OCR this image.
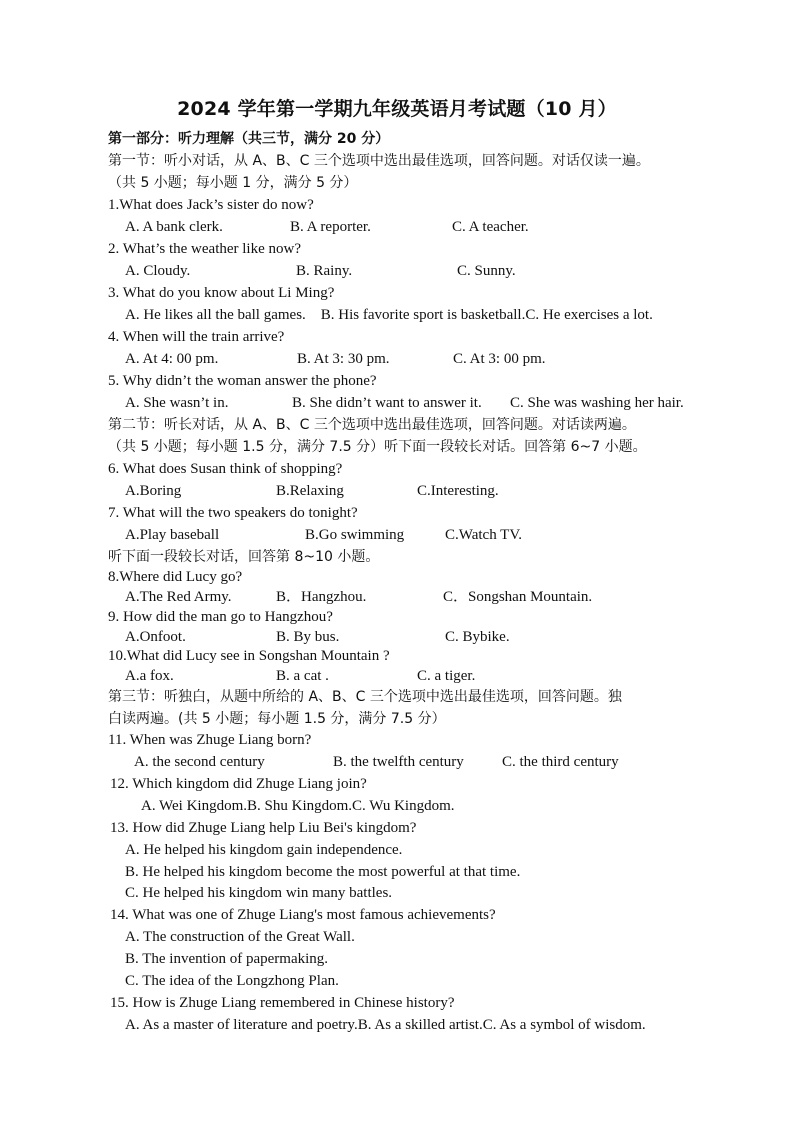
2024 学年第一学期九年级英语月考试题（10 月）
第一部分：听力理解（共三节，满分 20 分）
第一节：听小对话，从 A、B、C 三个选项中选出最佳选项，回答问题。对话仅读一遍。
（共 5 小题；每小题 1 分，满分 5 分）
1.What does Jack’s sister do now?
A. A bank clerk.	B. A reporter.	C. A teacher.
2. What’s the weather like now?
A. Cloudy.	B. Rainy.	C. Sunny.
3. What do you know about Li Ming?
A. He likes all the ball games. B. His favorite sport is basketball.C. He exercises a lot.
4. When will the train arrive?
A. At 4: 00 pm.	B. At 3: 30 pm.	C. At 3: 00 pm.
5. Why didn’t the woman answer the phone?
A. She wasn’t in.	B. She didn’t want to answer it. C. She was washing her hair.
第二节：听长对话，从 A、B、C 三个选项中选出最佳选项，回答问题。对话读两遍。
（共 5 小题；每小题 1.5 分，满分 7.5 分）听下面一段较长对话。回答第 6~7 小题。
6. What does Susan think of shopping?
A.Boring	B.Relaxing	C.Interesting.
7. What will the two speakers do tonight?
A.Play baseball	B.Go swimming	C.Watch TV.
听下面一段较长对话，回答第 8~10 小题。
8.Where did Lucy go?
A.The Red Army.	B．Hangzhou.	C．Songshan Mountain.
9. How did the man go to Hangzhou?
A.Onfoot.	B. By bus.	C. Bybike.
10.What did Lucy see in Songshan Mountain ?
A.a fox.	B. a cat .	C. a tiger.
第三节：听独白，从题中所给的 A、B、C 三个选项中选出最佳选项，回答问题。独
白读两遍。(共 5 小题；每小题 1.5 分，满分 7.5 分）
11. When was Zhuge Liang born?
A. the second century	B. the twelfth century	C. the third century
12. Which kingdom did Zhuge Liang join?
A. Wei Kingdom.B. Shu Kingdom.C. Wu Kingdom.
13. How did Zhuge Liang help Liu Bei's kingdom?
A. He helped his kingdom gain independence.
B. He helped his kingdom become the most powerful at that time.
C. He helped his kingdom win many battles.
14. What was one of Zhuge Liang's most famous achievements?
A. The construction of the Great Wall.
B. The invention of papermaking.
C. The idea of the Longzhong Plan.
15. How is Zhuge Liang remembered in Chinese history?
A. As a master of literature and poetry.B. As a skilled artist.C. As a symbol of wisdom.
